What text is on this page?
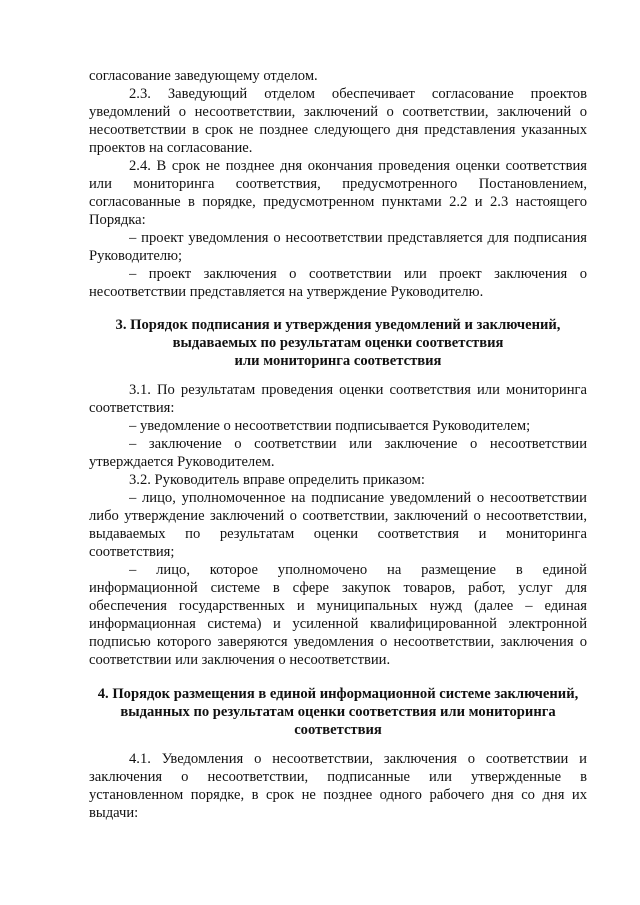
согласование заведующему отделом.
2.3. Заведующий отделом обеспечивает согласование проектов
уведомлений о несоответствии, заключений о соответствии, заключений о
несоответствии в срок не позднее следующего дня представления указанных
проектов на согласование.
2.4. В срок не позднее дня окончания проведения оценки соответствия
или мониторинга соответствия, предусмотренного Постановлением,
согласованные в порядке, предусмотренном пунктами 2.2 и 2.3 настоящего
Порядка:
– проект уведомления о несоответствии представляется для подписания
Руководителю;
– проект заключения о соответствии или проект заключения о
несоответствии представляется на утверждение Руководителю.
3. Порядок подписания и утверждения уведомлений и заключений,
выдаваемых по результатам оценки соответствия
или мониторинга соответствия
3.1. По результатам проведения оценки соответствия или мониторинга
соответствия:
– уведомление о несоответствии подписывается Руководителем;
– заключение о соответствии или заключение о несоответствии
утверждается Руководителем.
3.2. Руководитель вправе определить приказом:
– лицо, уполномоченное на подписание уведомлений о несоответствии
либо утверждение заключений о соответствии, заключений о несоответствии,
выдаваемых по результатам оценки соответствия и мониторинга
соответствия;
– лицо, которое уполномочено на размещение в единой
информационной системе в сфере закупок товаров, работ, услуг для
обеспечения государственных и муниципальных нужд (далее – единая
информационная система) и усиленной квалифицированной электронной
подписью которого заверяются уведомления о несоответствии, заключения о
соответствии или заключения о несоответствии.
4. Порядок размещения в единой информационной системе заключений,
выданных по результатам оценки соответствия или мониторинга
соответствия
4.1. Уведомления о несоответствии, заключения о соответствии и
заключения о несоответствии, подписанные или утвержденные в
установленном порядке, в срок не позднее одного рабочего дня со дня их
выдачи:
